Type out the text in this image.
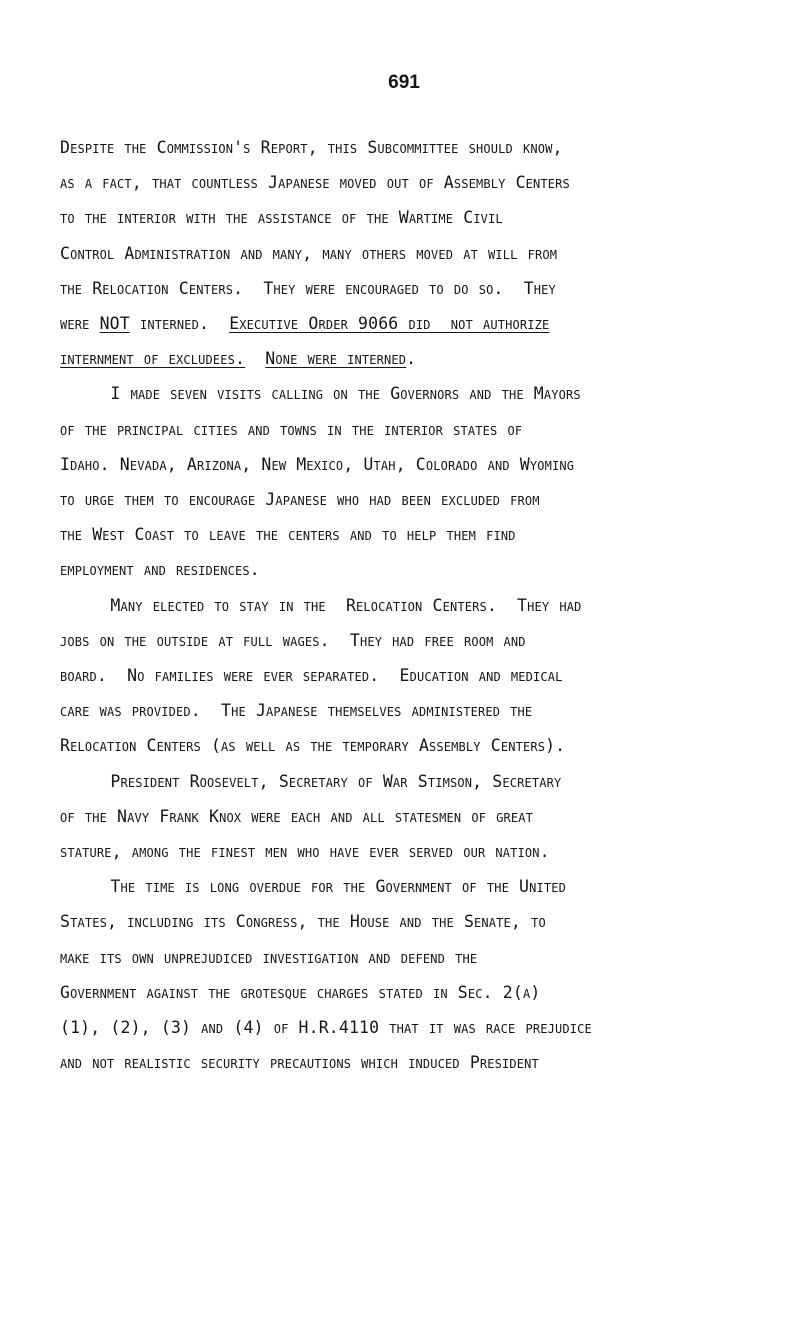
691
Despite the Commission's Report, this Subcommittee should know,
as a fact, that countless Japanese moved out of Assembly Centers
to the interior with the assistance of the Wartime Civil
Control Administration and many, many others moved at will from
the Relocation Centers.  They were encouraged to do so.  They
were NOT interned.  Executive Order 9066 did  not authorize
internment of excludees. None were interned.
I made seven visits calling on the Governors and the Mayors
of the principal cities and towns in the interior states of
Idaho. Nevada, Arizona, New Mexico, Utah, Colorado and Wyoming
to urge them to encourage Japanese who had been excluded from
the West Coast to leave the centers and to help them find
employment and residences.
Many elected to stay in the  Relocation Centers.  They had
jobs on the outside at full wages.  They had free room and
board.  No families were ever separated.  Education and medical
care was provided.  The Japanese themselves administered the
Relocation Centers (as well as the temporary Assembly Centers).
President Roosevelt, Secretary of War Stimson, Secretary
of the Navy Frank Knox were each and all statesmen of great
stature, among the finest men who have ever served our nation.
The time is long overdue for the Government of the United
States, including its Congress, the House and the Senate, to
make its own unprejudiced investigation and defend the
Government against the grotesque charges stated in Sec. 2(a)
(1), (2), (3) and (4) of H.R.4110 that it was race prejudice
and not realistic security precautions which induced President
